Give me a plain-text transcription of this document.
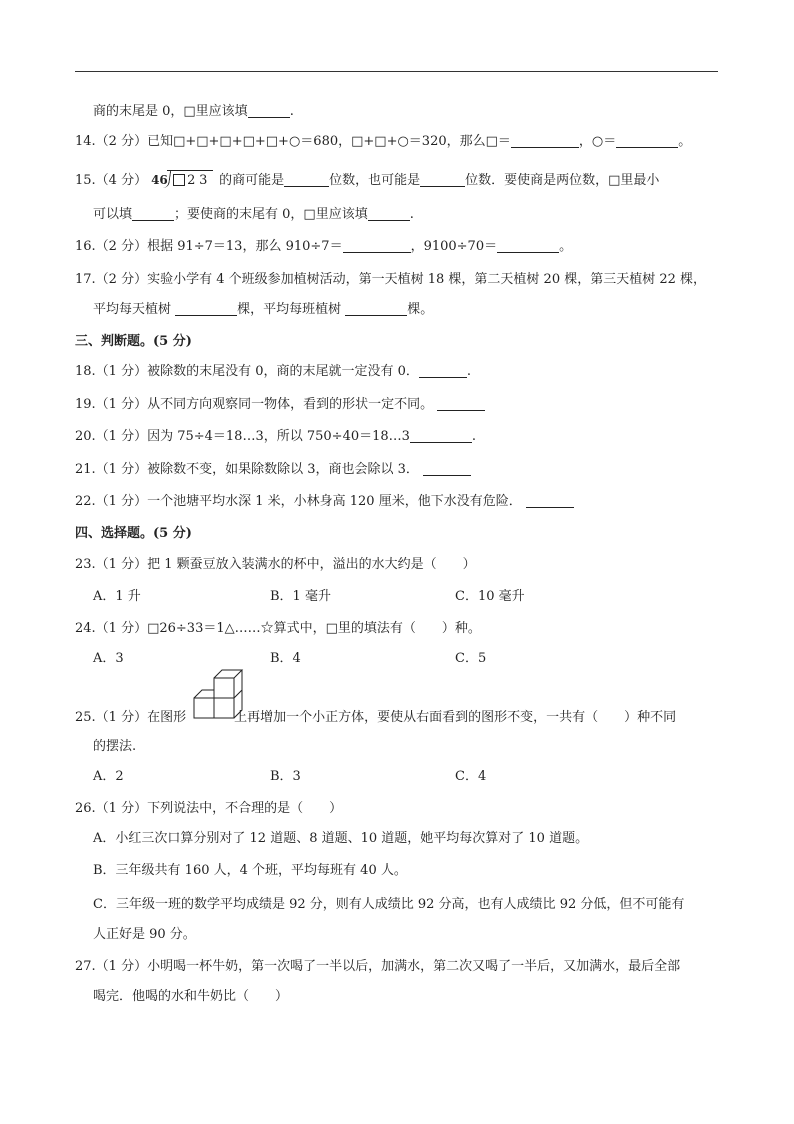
商的末尾是 0，□里应该填	.
14.（2 分）已知□+□+□+□+□+○＝680，□+□+○＝320，那么□＝	，○＝	。
15.（4 分） 46 2 3 的商可能是	位数，也可能是	位数．要使商是两位数，□里最小
可以填	；要使商的末尾有 0，□里应该填	.
16.（2 分）根据 91÷7＝13，那么 910÷7＝	，9100÷70＝	。
17.（2 分）实验小学有 4 个班级参加植树活动，第一天植树 18 棵，第二天植树 20 棵，第三天植树 22 棵，
平均每天植树	棵，平均每班植树	棵。
三、判断题。(5 分)
18.（1 分）被除数的末尾没有 0，商的末尾就一定没有 0．	.
19.（1 分）从不同方向观察同一物体，看到的形状一定不同。
20.（1 分）因为 75÷4＝18…3，所以 750÷40＝18…3	.
21.（1 分）被除数不变，如果除数除以 3，商也会除以 3．
22.（1 分）一个池塘平均水深 1 米，小林身高 120 厘米，他下水没有危险．
四、选择题。(5 分)
23.（1 分）把 1 颗蚕豆放入装满水的杯中，溢出的水大约是（　　）
A．1 升	B．1 毫升	C．10 毫升
24.（1 分）□26÷33＝1△……☆算式中，□里的填法有（　　）种。
A．3	B．4	C．5
25.（1 分）在图形	上再增加一个小正方体，要使从右面看到的图形不变，一共有（　　）种不同
的摆法.
A．2	B．3	C．4
26.（1 分）下列说法中，不合理的是（　　）
A．小红三次口算分别对了 12 道题、8 道题、10 道题，她平均每次算对了 10 道题。
B．三年级共有 160 人，4 个班，平均每班有 40 人。
C．三年级一班的数学平均成绩是 92 分，则有人成绩比 92 分高，也有人成绩比 92 分低，但不可能有
人正好是 90 分。
27.（1 分）小明喝一杯牛奶，第一次喝了一半以后，加满水，第二次又喝了一半后，又加满水，最后全部
喝完．他喝的水和牛奶比（　　）
